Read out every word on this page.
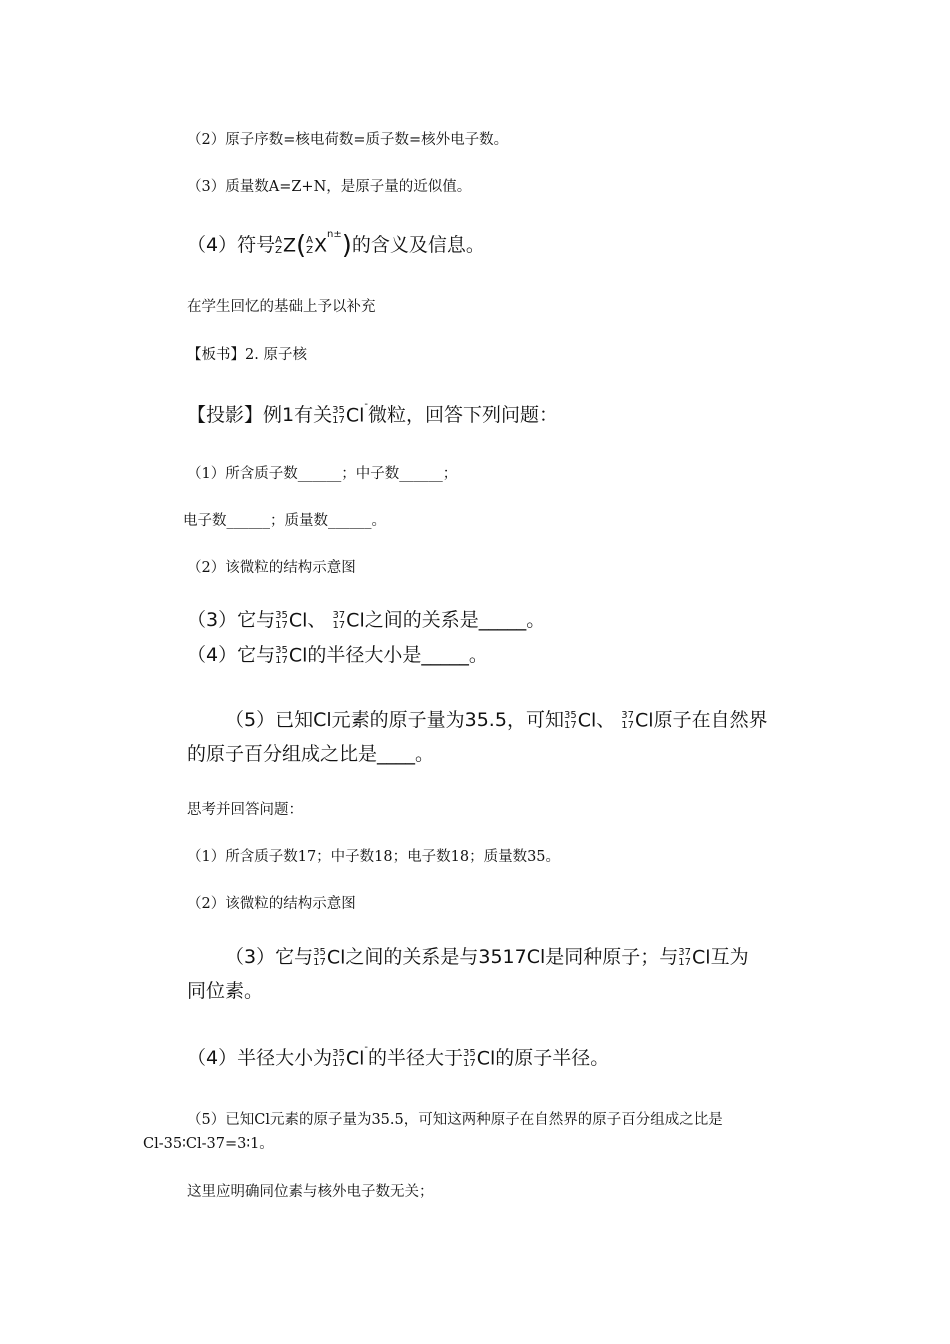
（2）原子序数=核电荷数=质子数=核外电子数。
（3）质量数A=Z+N，是原子量的近似值。
（4）符号 A
Z Z( A
Z $X^{n\pm}$)的含义及信息。
在学生回忆的基础上予以补充
【板书】2. 原子核
【投影】例1有关 35
17 Cl-微粒，回答下列问题：
（1）所含质子数______；中子数______；
电子数______；质量数______。
（2）该微粒的结构示意图
（3）它与 35
17 Cl、 37
17 Cl之间的关系是_____。
（4）它与 35
17 Cl的半径大小是_____。
（5）已知Cl元素的原子量为35.5，可知 35
17 Cl、 37
17 Cl原子在自然界
的原子百分组成之比是____。
思考并回答问题：
（1）所含质子数17；中子数18；电子数18；质量数35。
（2）该微粒的结构示意图
（3）它与 35
17 Cl之间的关系是与3517Cl是同种原子；与 37
17 Cl互为
同位素。
（4）半径大小为 35
17 Cl-的半径大于 35
17 Cl的原子半径。
（5）已知Cl元素的原子量为35.5，可知这两种原子在自然界的原子百分组成之比是
Cl-35∶Cl-37=3∶1。
这里应明确同位素与核外电子数无关；
